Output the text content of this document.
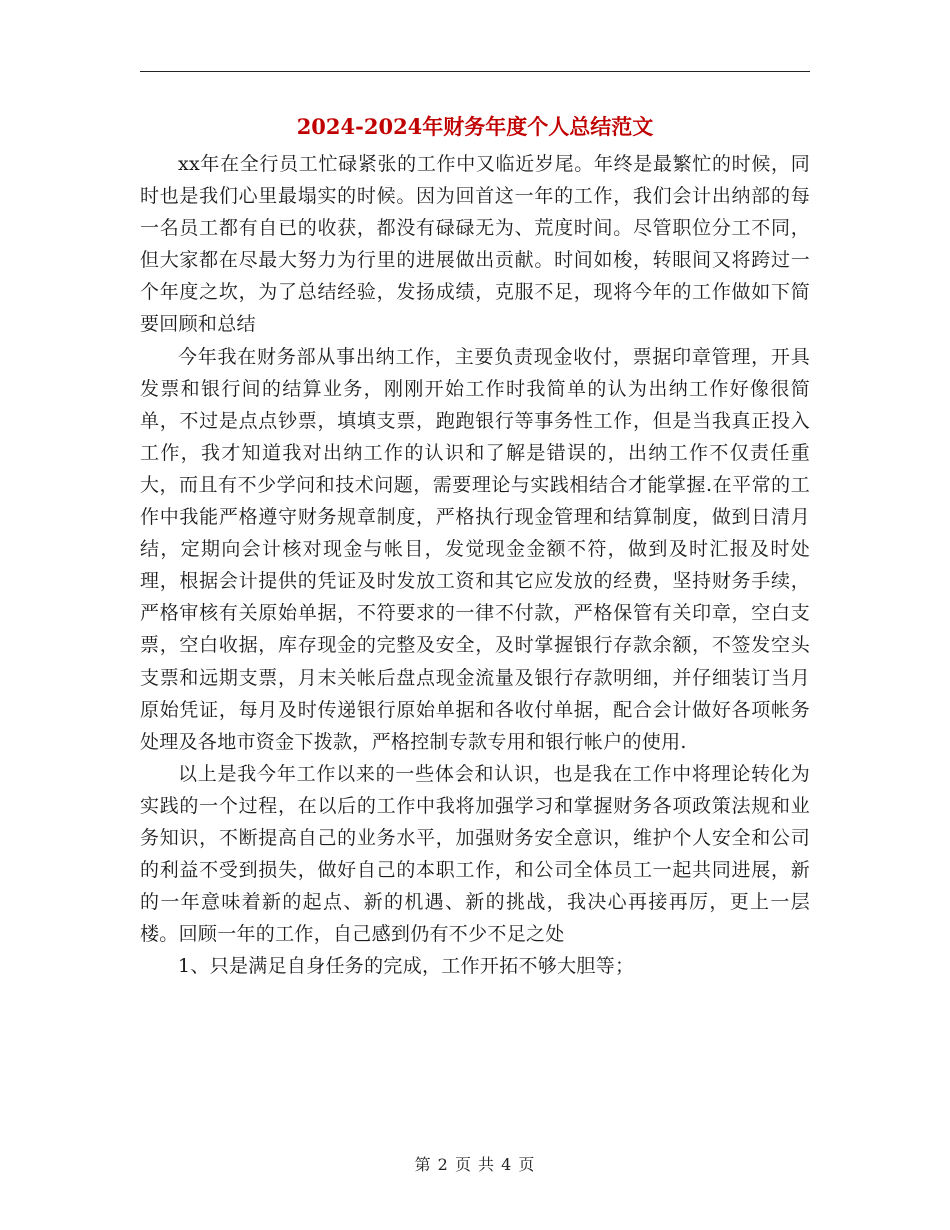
2024-2024年财务年度个人总结范文

xx年在全行员工忙碌紧张的工作中又临近岁尾。年终是最繁忙的时候，同时也是我们心里最塌实的时候。因为回首这一年的工作，我们会计出纳部的每一名员工都有自已的收获，都没有碌碌无为、荒度时间。尽管职位分工不同，但大家都在尽最大努力为行里的进展做出贡献。时间如梭，转眼间又将跨过一个年度之坎，为了总结经验，发扬成绩，克服不足，现将今年的工作做如下简要回顾和总结

今年我在财务部从事出纳工作，主要负责现金收付，票据印章管理，开具发票和银行间的结算业务，刚刚开始工作时我简单的认为出纳工作好像很简单，不过是点点钞票，填填支票，跑跑银行等事务性工作，但是当我真正投入工作，我才知道我对出纳工作的认识和了解是错误的，出纳工作不仅责任重大，而且有不少学问和技术问题，需要理论与实践相结合才能掌握.在平常的工作中我能严格遵守财务规章制度，严格执行现金管理和结算制度，做到日清月结，定期向会计核对现金与帐目，发觉现金金额不符，做到及时汇报及时处理，根据会计提供的凭证及时发放工资和其它应发放的经费，坚持财务手续，严格审核有关原始单据，不符要求的一律不付款，严格保管有关印章，空白支票，空白收据，库存现金的完整及安全，及时掌握银行存款余额，不签发空头支票和远期支票，月末关帐后盘点现金流量及银行存款明细，并仔细装订当月原始凭证，每月及时传递银行原始单据和各收付单据，配合会计做好各项帐务处理及各地市资金下拨款，严格控制专款专用和银行帐户的使用.

以上是我今年工作以来的一些体会和认识，也是我在工作中将理论转化为实践的一个过程，在以后的工作中我将加强学习和掌握财务各项政策法规和业务知识，不断提高自己的业务水平，加强财务安全意识，维护个人安全和公司的利益不受到损失，做好自己的本职工作，和公司全体员工一起共同进展，新的一年意味着新的起点、新的机遇、新的挑战，我决心再接再厉，更上一层楼。回顾一年的工作，自己感到仍有不少不足之处

1、只是满足自身任务的完成，工作开拓不够大胆等；

第 2 页 共 4 页
